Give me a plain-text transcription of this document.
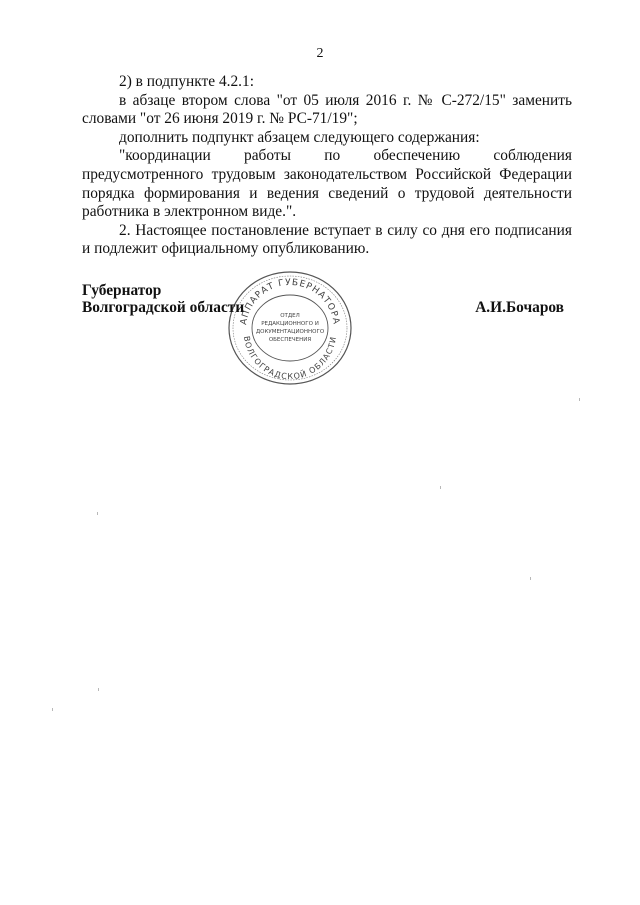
2

2) в подпункте 4.2.1:

в абзаце втором слова "от 05 июля 2016 г. № С-272/15" заменить словами "от 26 июня 2019 г. № РС-71/19";

дополнить подпункт абзацем следующего содержания:

"координации работы по обеспечению соблюдения предусмотренного трудовым законодательством Российской Федерации порядка формирования и ведения сведений о трудовой деятельности работника в электронном виде.".

2. Настоящее постановление вступает в силу со дня его подписания и подлежит официальному опубликованию.

АППАРАТ ГУБЕРНАТОРА
ВОЛГОГРАДСКОЙ ОБЛАСТИ
ОТДЕЛ
РЕДАКЦИОННОГО И
ДОКУМЕНТАЦИОННОГО
ОБЕСПЕЧЕНИЯ
Губернатор
Волгоградской области	А.И.Бочаров
